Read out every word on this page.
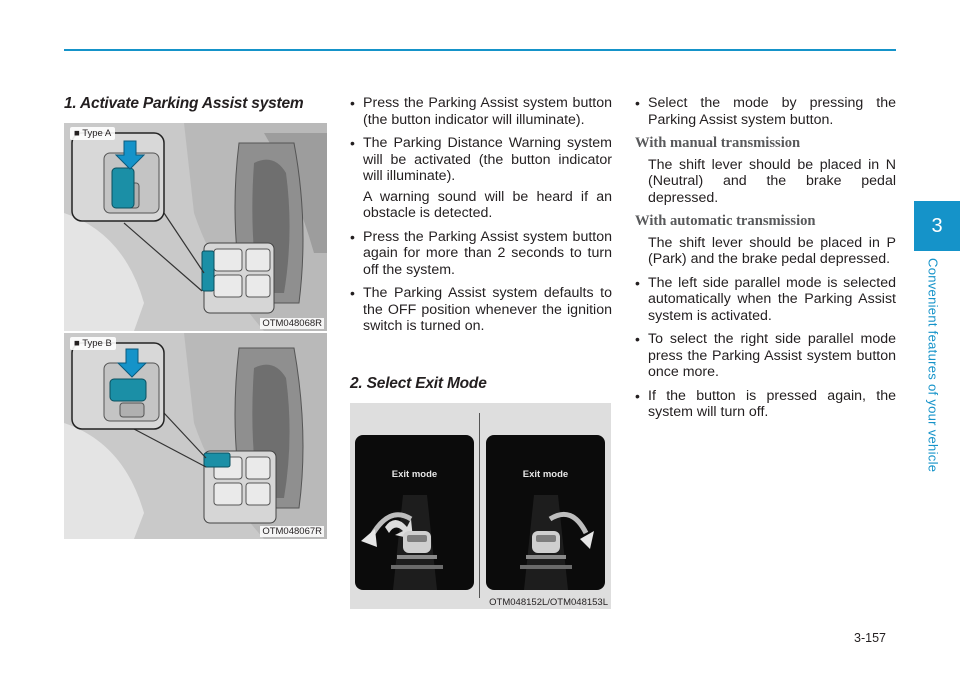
1. Activate Parking Assist system
■ Type A
OTM048068R
■ Type B
OTM048067R
• Press the Parking Assist system button (the button indicator will illuminate).
• The Parking Distance Warning system will be activated (the button indicator will illuminate).

A warning sound will be heard if an obstacle is detected.

• Press the Parking Assist system button again for more than 2 seconds to turn off the system.
• The Parking Assist system defaults to the OFF position whenever the ignition switch is turned on.
2. Select Exit Mode
Exit mode	Exit mode
OTM048152L/OTM048153L
• Select the mode by pressing the Parking Assist system button.

With manual transmission

The shift lever should be placed in N (Neutral) and the brake pedal depressed.

With automatic transmission

The shift lever should be placed in P (Park) and the brake pedal depressed.

• The left side parallel mode is selected automatically when the Parking Assist system is activated.
• To select the right side parallel mode press the Parking Assist system button once more.
• If the button is pressed again, the system will turn off.
3
Convenient features of your vehicle
3-157
